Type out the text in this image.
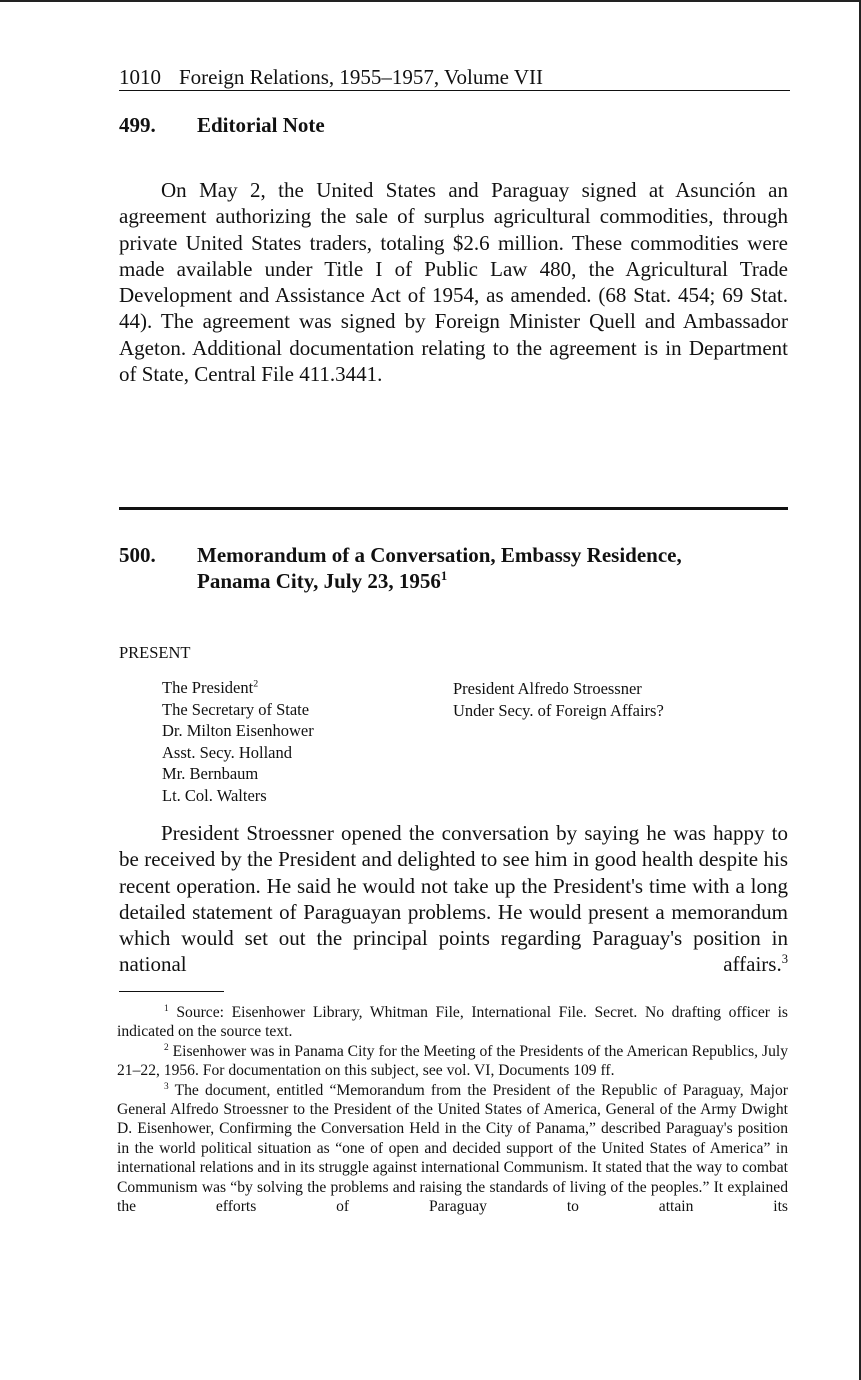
1010 Foreign Relations, 1955–1957, Volume VII
499. Editorial Note
On May 2, the United States and Paraguay signed at Asunción an agreement authorizing the sale of surplus agricultural commodities, through private United States traders, totaling $2.6 million. These commodities were made available under Title I of Public Law 480, the Agricultural Trade Development and Assistance Act of 1954, as amended. (68 Stat. 454; 69 Stat. 44). The agreement was signed by Foreign Minister Quell and Ambassador Ageton. Additional documentation relating to the agreement is in Department of State, Central File 411.3441.
500. Memorandum of a Conversation, Embassy Residence,
Panama City, July 23, 1956$^1$
PRESENT
The President$^2$
The Secretary of State
Dr. Milton Eisenhower
Asst. Secy. Holland
Mr. Bernbaum
Lt. Col. Walters
President Alfredo Stroessner
Under Secy. of Foreign Affairs?
President Stroessner opened the conversation by saying he was happy to be received by the President and delighted to see him in good health despite his recent operation. He said he would not take up the President's time with a long detailed statement of Paraguayan problems. He would present a memorandum which would set out the principal points regarding Paraguay's position in national affairs.$^3$

$^1$ Source: Eisenhower Library, Whitman File, International File. Secret. No drafting officer is indicated on the source text.

$^2$ Eisenhower was in Panama City for the Meeting of the Presidents of the American Republics, July 21–22, 1956. For documentation on this subject, see vol. VI, Documents 109 ff.

$^3$ The document, entitled “Memorandum from the President of the Republic of Paraguay, Major General Alfredo Stroessner to the President of the United States of America, General of the Army Dwight D. Eisenhower, Confirming the Conversation Held in the City of Panama,” described Paraguay's position in the world political situation as “one of open and decided support of the United States of America” in international relations and in its struggle against international Communism. It stated that the way to combat Communism was “by solving the problems and raising the standards of living of the peoples.” It explained the efforts of Paraguay to attain its
